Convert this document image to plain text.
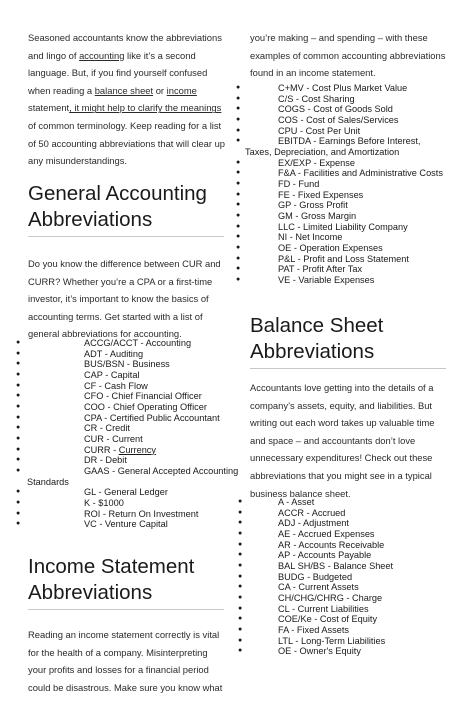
Seasoned accountants know the abbreviations
and lingo of accounting like it’s a second
language. But, if you find yourself confused
when reading a balance sheet or income
statement, it might help to clarify the meanings
of common terminology. Keep reading for a list
of 50 accounting abbreviations that will clear up
any misunderstandings.

General Accounting
Abbreviations

Do you know the difference between CUR and
CURR? Whether you’re a CPA or a first-time
investor, it’s important to know the basics of
accounting terms. Get started with a list of
general abbreviations for accounting.

●	ACCG/ACCT - Accounting
●	ADT - Auditing
●	BUS/BSN - Business
●	CAP - Capital
●	CF - Cash Flow
●	CFO - Chief Financial Officer
●	COO - Chief Operating Officer
●	CPA - Certified Public Accountant
●	CR - Credit
●	CUR - Current
●	CURR - Currency
●	DR - Debit
●	GAAS - General Accepted Accounting
Standards
●	GL - General Ledger
●	K - $1000
●	ROI - Return On Investment
●	VC - Venture Capital
Income Statement
Abbreviations

Reading an income statement correctly is vital
for the health of a company. Misinterpreting
your profits and losses for a financial period
could be disastrous. Make sure you know what

you’re making – and spending – with these
examples of common accounting abbreviations
found in an income statement.

●	C+MV - Cost Plus Market Value
●	C/S - Cost Sharing
●	COGS - Cost of Goods Sold
●	COS - Cost of Sales/Services
●	CPU - Cost Per Unit
●	EBITDA - Earnings Before Interest,
Taxes, Depreciation, and Amortization
●	EX/EXP - Expense
●	F&A - Facilities and Administrative Costs
●	FD - Fund
●	FE - Fixed Expenses
●	GP - Gross Profit
●	GM - Gross Margin
●	LLC - Limited Liability Company
●	NI - Net Income
●	OE - Operation Expenses
●	P&L - Profit and Loss Statement
●	PAT - Profit After Tax
●	VE - Variable Expenses
Balance Sheet
Abbreviations

Accountants love getting into the details of a
company’s assets, equity, and liabilities. But
writing out each word takes up valuable time
and space – and accountants don’t love
unnecessary expenditures! Check out these
abbreviations that you might see in a typical
business balance sheet.

●	A - Asset
●	ACCR - Accrued
●	ADJ - Adjustment
●	AE - Accrued Expenses
●	AR - Accounts Receivable
●	AP - Accounts Payable
●	BAL SH/BS - Balance Sheet
●	BUDG - Budgeted
●	CA - Current Assets
●	CH/CHG/CHRG - Charge
●	CL - Current Liabilities
●	COE/Ke - Cost of Equity
●	FA - Fixed Assets
●	LTL - Long-Term Liabilities
●	OE - Owner's Equity
